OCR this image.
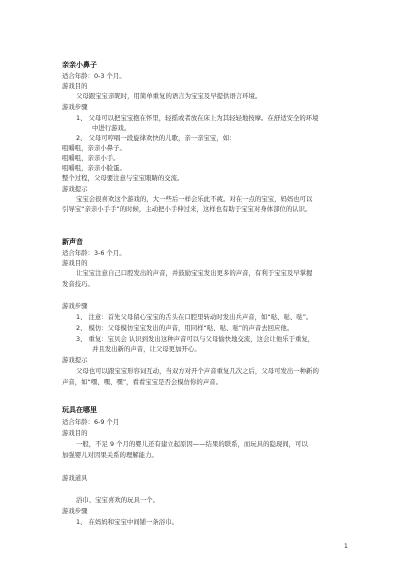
亲亲小鼻子
适合年龄：0-3 个月。
游戏目的
父母跟宝宝亲昵时，用简单重复的语言为宝宝及早提供语言环境。
游戏步骤
1、 父母可以把宝宝抱在怀里，轻摇或者放在床上为其轻轻地按摩。在舒适安全的环境
中进行游戏。
2、 父母可哼唱一段旋律欢快的儿歌，亲一亲宝宝，如：
咀嚼咀，亲亲小鼻子。
咀嚼咀，亲亲小手。
咀嚼咀，亲亲小脸蛋。
整个过程，父母要注意与宝宝眼睛的交流。
游戏提示
宝宝会很喜欢这个游戏的，大一些后一样会乐此不疲。对在一点的宝宝，妈妈也可以
引导宝“亲亲小手手”的时候，主动把小手伸过来，这样也有助于宝宝对身体部位的认识。
新声音
适合年龄：3-6 个月。
游戏目的
让宝宝注意自己口腔发出的声音，并鼓励宝宝发出更多的声音，有利于宝宝及早掌握
发音技巧。
游戏步骤
1、 注意：首先父母留心宝宝的舌头在口腔里转动时发出兵声音，如“哒、哒、哒”。
2、 模仿：父母模仿宝宝发出的声音，用同样“哒、哒、哒”的声音去回应他。
3、 重复：宝贝会 认识到发出这种声音可以与父母愉快地交流，这会让他乐于重复，
并且发出新的声音，让父母更加开心。
游戏提示
父母也可以跟宝宝形容词互动，当双方对开个声音重复几次之后，父母可发出一种新的
声音，如“嘿、嘿、嘿”，看看宝宝是否会模仿你的声音。
玩具在哪里
适合年龄：6-9 个月
游戏目的
一般，不足 9 个月的婴儿还有建立起原因——结果的联系，而玩具的隐现间，可以
加强婴儿对因果关系的理解能力。
游戏道具
浴巾、宝宝喜欢的玩具一个。
游戏步骤
1、 在妈妈和宝宝中间铺一条浴巾。
1
